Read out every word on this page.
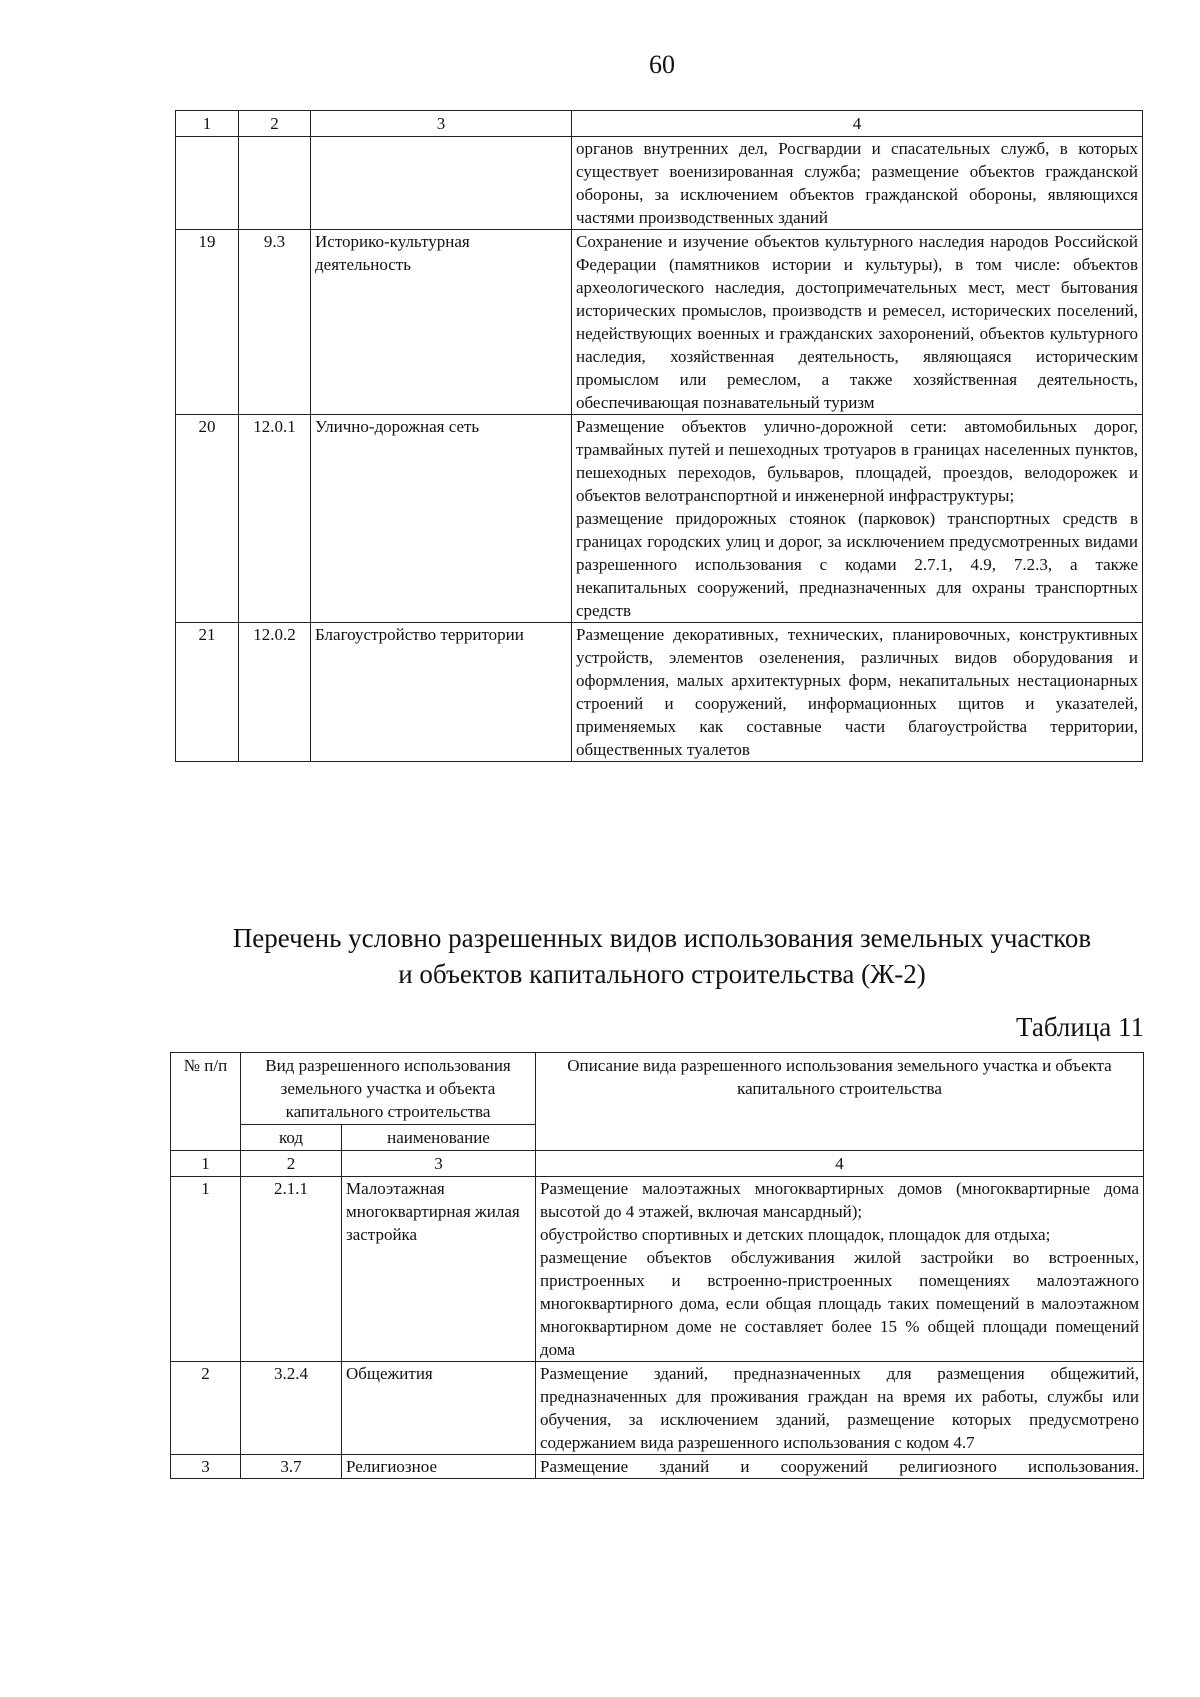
60
1	2	3	4
			органов внутренних дел, Росгвардии и спасательных служб, в которых существует военизированная служба; размещение объектов гражданской обороны, за исключением объектов гражданской обороны, являющихся частями производственных зданий
19	9.3	Историко-культурная деятельность	Сохранение и изучение объектов культурного наследия народов Российской Федерации (памятников истории и культуры), в том числе: объектов археологического наследия, достопримечательных мест, мест бытования исторических промыслов, производств и ремесел, исторических поселений, недействующих военных и гражданских захоронений, объектов культурного наследия, хозяйственная деятельность, являющаяся историческим промыслом или ремеслом, а также хозяйственная деятельность, обеспечивающая познавательный туризм
20	12.0.1	Улично-дорожная сеть	Размещение объектов улично-дорожной сети: автомобильных дорог, трамвайных путей и пешеходных тротуаров в границах населенных пунктов, пешеходных переходов, бульваров, площадей, проездов, велодорожек и объектов велотранспортной и инженерной инфраструктуры;
размещение придорожных стоянок (парковок) транспортных средств в границах городских улиц и дорог, за исключением предусмотренных видами разрешенного использования с кодами 2.7.1, 4.9, 7.2.3, а также некапитальных сооружений, предназначенных для охраны транспортных средств

21	12.0.2	Благоустройство территории	Размещение декоративных, технических, планировочных, конструктивных устройств, элементов озеленения, различных видов оборудования и оформления, малых архитектурных форм, некапитальных нестационарных строений и сооружений, информационных щитов и указателей, применяемых как составные части благоустройства территории, общественных туалетов
Перечень условно разрешенных видов использования земельных участков
и объектов капитального строительства (Ж-2)
Таблица 11
№ п/п	Вид разрешенного использования земельного участка и объекта капитального строительства		Описание вида разрешенного использования земельного участка и объекта капитального строительства
	код	наименование	
1	2	3	4
1	2.1.1	Малоэтажная многоквартирная жилая застройка	Размещение малоэтажных многоквартирных домов (многоквартирные дома высотой до 4 этажей, включая мансардный);
обустройство спортивных и детских площадок, площадок для отдыха;
размещение объектов обслуживания жилой застройки во встроенных, пристроенных и встроенно-пристроенных помещениях малоэтажного многоквартирного дома, если общая площадь таких помещений в малоэтажном многоквартирном доме не составляет более 15 % общей площади помещений дома

2	3.2.4	Общежития	Размещение зданий, предназначенных для размещения общежитий, предназначенных для проживания граждан на время их работы, службы или обучения, за исключением зданий, размещение которых предусмотрено содержанием вида разрешенного использования с кодом 4.7
3	3.7	Религиозное	Размещение зданий и сооружений религиозного использования.
